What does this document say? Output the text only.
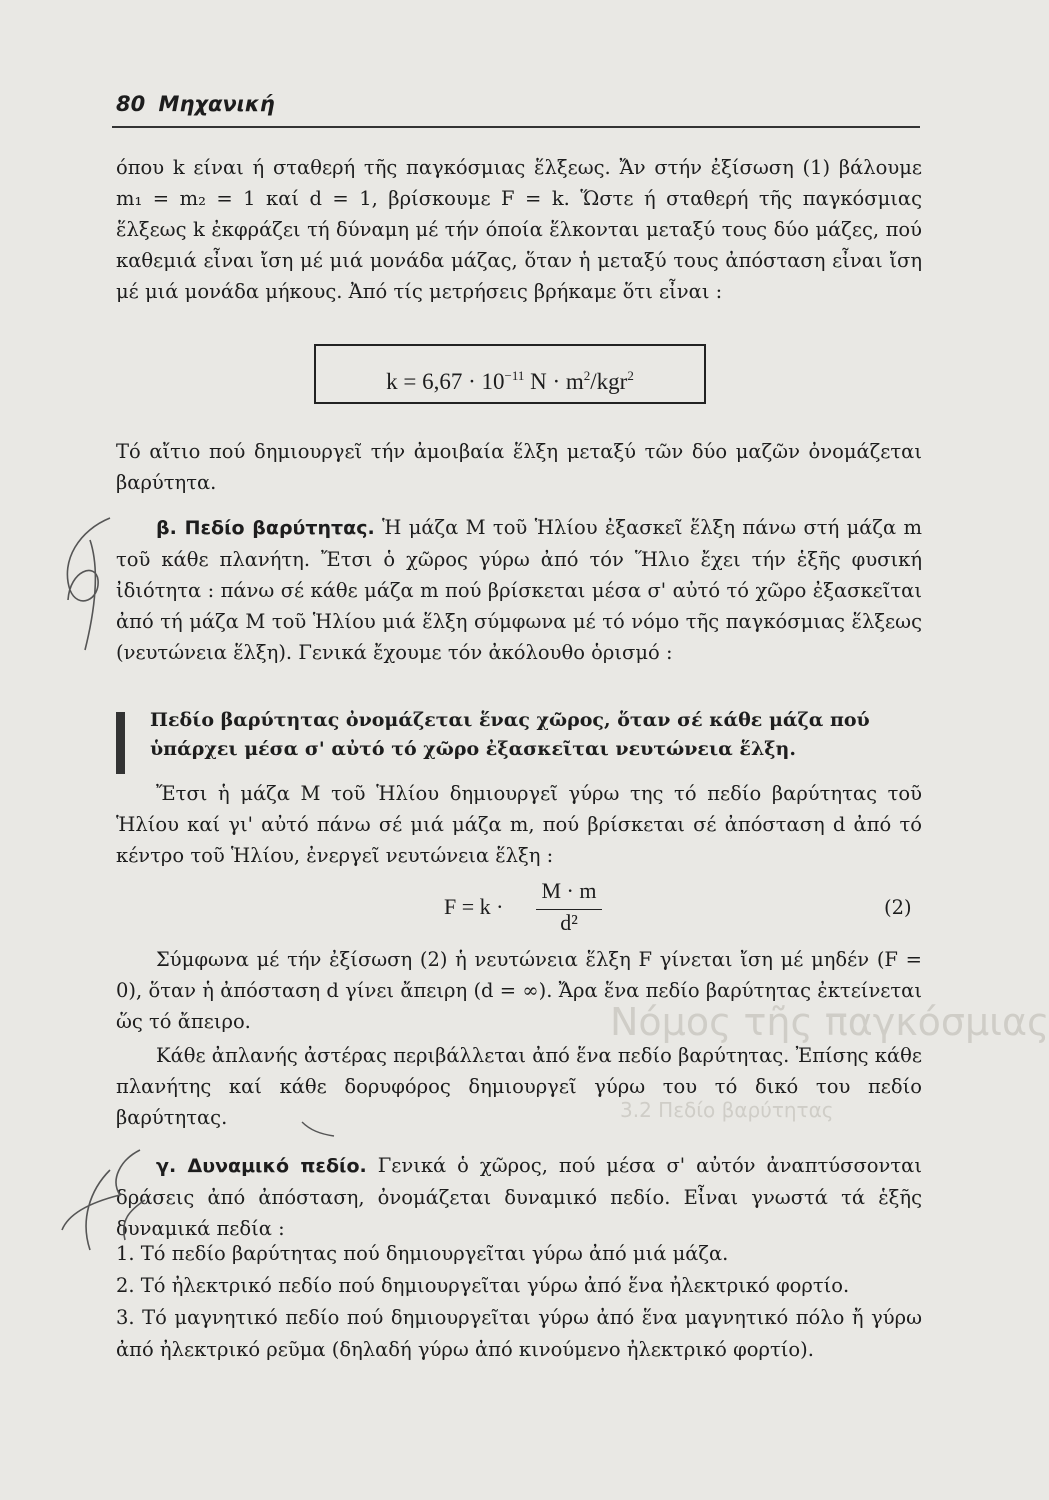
Νόμος τῆς παγκόσμιας
3.2 Πεδίο βαρύτητας
80 Μηχανική
όπου k είναι ή σταθερή τῆς παγκόσμιας ἕλξεως. Ἄν στήν ἐξίσωση (1) βάλουμε m₁ = m₂ = 1 καί d = 1, βρίσκουμε F = k. Ὥστε ή σταθερή τῆς παγκόσμιας ἕλξεως k ἐκφράζει τή δύναμη μέ τήν όποία ἕλκονται μεταξύ τους δύο μάζες, πού καθεμιά εἶναι ἴση μέ μιά μονάδα μάζας, ὅταν ἡ μεταξύ τους ἀπόσταση εἶναι ἴση μέ μιά μονάδα μήκους. Ἀπό τίς μετρήσεις βρήκαμε ὅτι εἶναι :
$k = 6,67 \cdot 10^{-11}$ $N \cdot m^2/kgr^2$
Τό αἴτιο πού δημιουργεῖ τήν ἀμοιβαία ἕλξη μεταξύ τῶν δύο μαζῶν ὀνομάζεται βαρύτητα.
β. Πεδίο βαρύτητας. Ἡ μάζα Μ τοῦ Ἡλίου ἐξασκεῖ ἕλξη πάνω στή μάζα m τοῦ κάθε πλανήτη. Ἔτσι ὁ χῶρος γύρω ἀπό τόν Ἥλιο ἔχει τήν ἑξῆς φυσική ἰδιότητα : πάνω σέ κάθε μάζα m πού βρίσκεται μέσα σ' αὐτό τό χῶρο ἐξασκεῖται ἀπό τή μάζα Μ τοῦ Ἡλίου μιά ἕλξη σύμφωνα μέ τό νόμο τῆς παγκόσμιας ἕλξεως (νευτώνεια ἕλξη). Γενικά ἔχουμε τόν ἀκόλουθο ὁρισμό :
Πεδίο βαρύτητας ὀνομάζεται ἕνας χῶρος, ὅταν σέ κάθε μάζα πού ὑπάρχει μέσα σ' αὐτό τό χῶρο ἐξασκεῖται νευτώνεια ἕλξη.
Ἔτσι ἡ μάζα Μ τοῦ Ἡλίου δημιουργεῖ γύρω της τό πεδίο βαρύτητας τοῦ Ἡλίου καί γι' αὐτό πάνω σέ μιά μάζα m, πού βρίσκεται σέ ἀπόσταση d ἀπό τό κέντρο τοῦ Ἡλίου, ἐνεργεῖ νευτώνεια ἕλξη :
F = k ·
M · m
d²
(2)
Σύμφωνα μέ τήν ἐξίσωση (2) ἡ νευτώνεια ἕλξη F γίνεται ἴση μέ μηδέν (F = 0), ὅταν ἡ ἀπόσταση d γίνει ἄπειρη (d = ∞). Ἄρα ἕνα πεδίο βαρύτητας ἐκτείνεται ὥς τό ἄπειρο.
Κάθε ἀπλανής ἀστέρας περιβάλλεται ἀπό ἕνα πεδίο βαρύτητας. Ἐπίσης κάθε πλανήτης καί κάθε δορυφόρος δημιουργεῖ γύρω του τό δικό του πεδίο βαρύτητας.
γ. Δυναμικό πεδίο. Γενικά ὁ χῶρος, πού μέσα σ' αὐτόν ἀναπτύσσονται δράσεις ἀπό ἀπόσταση, ὀνομάζεται δυναμικό πεδίο. Εἶναι γνωστά τά ἑξῆς δυναμικά πεδία :
1. Τό πεδίο βαρύτητας πού δημιουργεῖται γύρω ἀπό μιά μάζα.
2. Τό ἠλεκτρικό πεδίο πού δημιουργεῖται γύρω ἀπό ἕνα ἠλεκτρικό φορτίο.
3. Τό μαγνητικό πεδίο πού δημιουργεῖται γύρω ἀπό ἕνα μαγνητικό πόλο ἤ γύρω ἀπό ἠλεκτρικό ρεῦμα (δηλαδή γύρω ἀπό κινούμενο ἠλεκτρικό φορτίο).
